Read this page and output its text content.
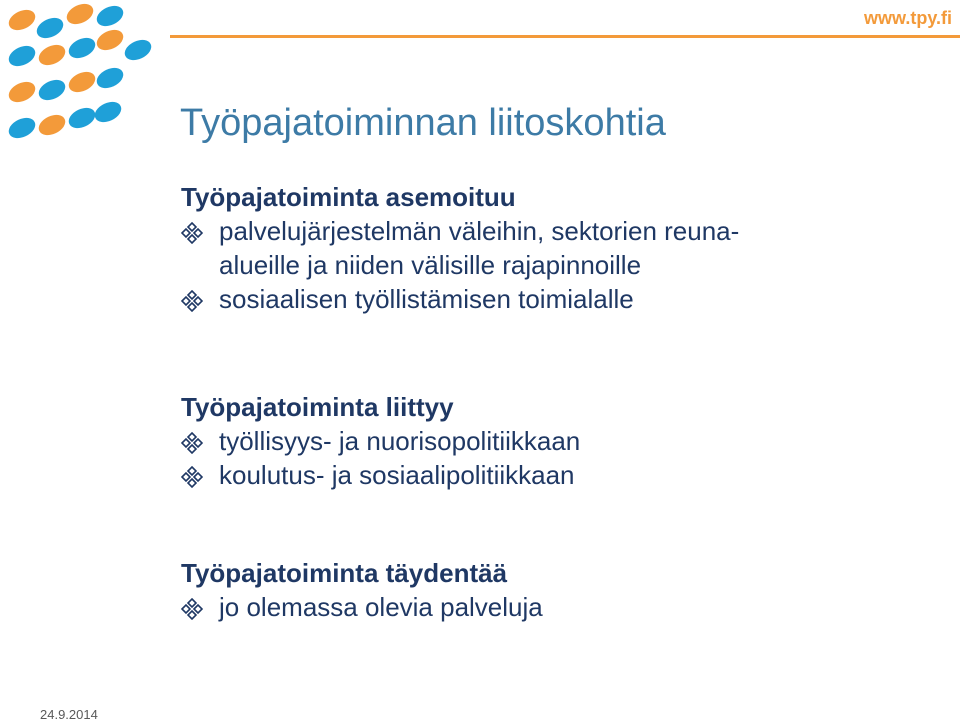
www.tpy.fi
Työpajatoiminnan liitoskohtia

Työpajatoiminta asemoituu

palvelujärjestelmän väleihin, sektorien reuna-
alueille ja niiden välisille rajapinnoille
sosiaalisen työllistämisen toimialalle

Työpajatoiminta liittyy

työllisyys- ja nuorisopolitiikkaan
koulutus- ja sosiaalipolitiikkaan

Työpajatoiminta täydentää

jo olemassa olevia palveluja
24.9.2014
